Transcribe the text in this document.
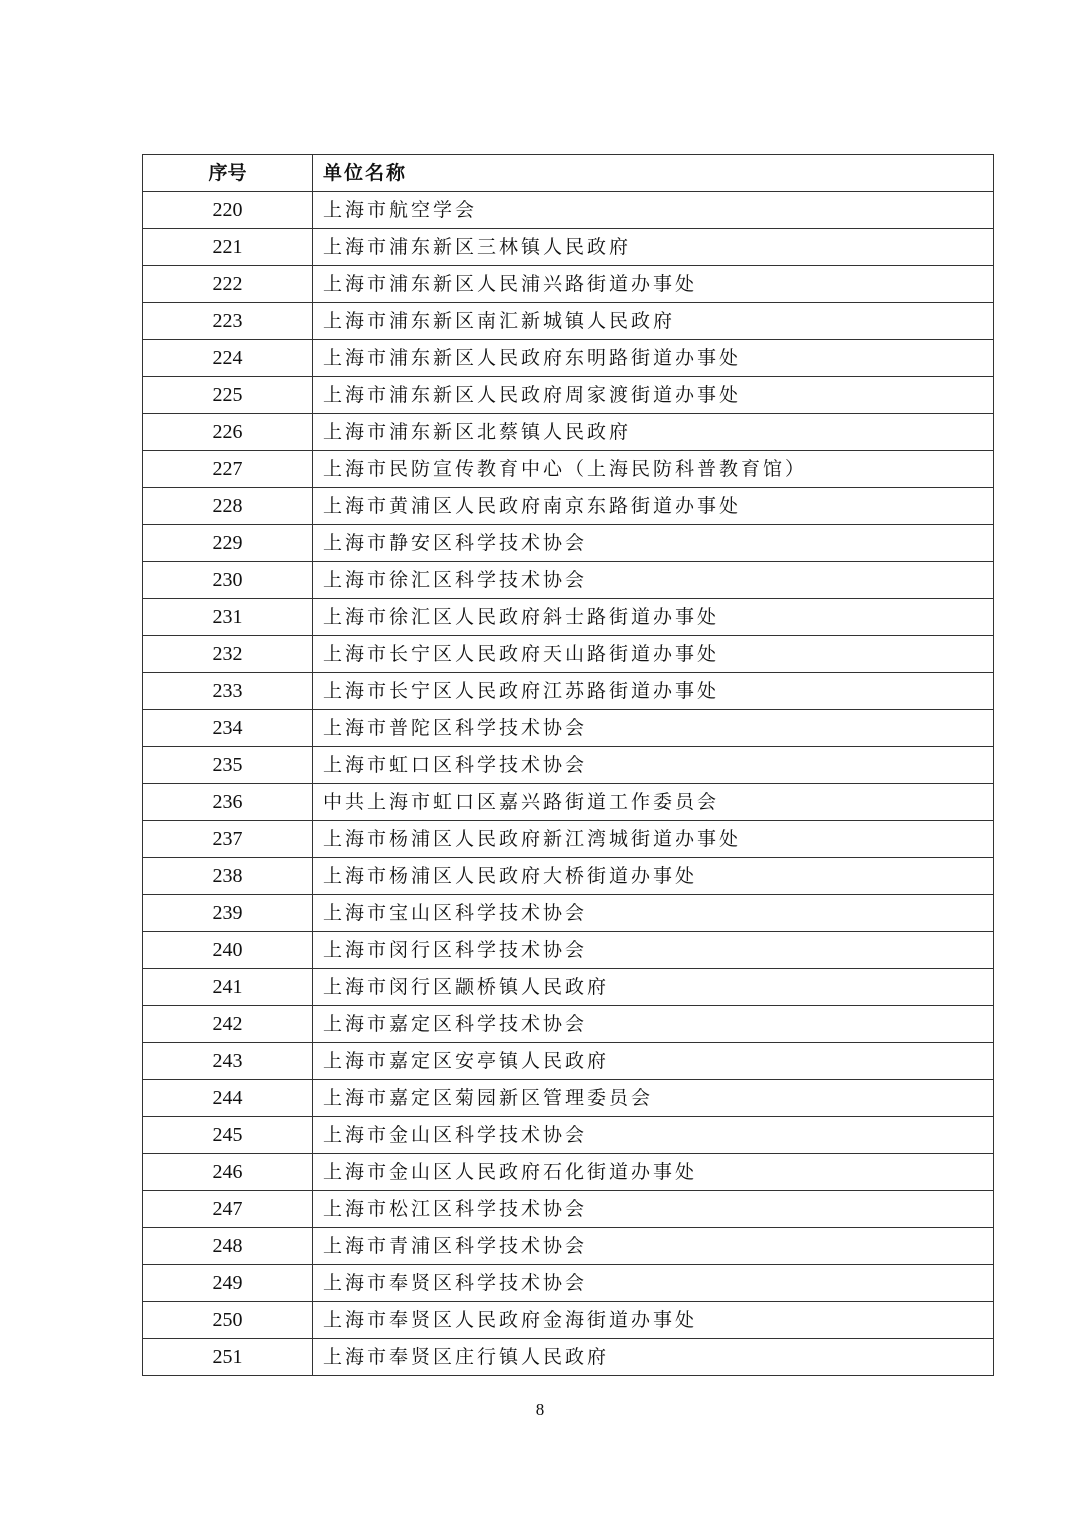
序号	单位名称
220	上海市航空学会
221	上海市浦东新区三林镇人民政府
222	上海市浦东新区人民浦兴路街道办事处
223	上海市浦东新区南汇新城镇人民政府
224	上海市浦东新区人民政府东明路街道办事处
225	上海市浦东新区人民政府周家渡街道办事处
226	上海市浦东新区北蔡镇人民政府
227	上海市民防宣传教育中心（上海民防科普教育馆）
228	上海市黄浦区人民政府南京东路街道办事处
229	上海市静安区科学技术协会
230	上海市徐汇区科学技术协会
231	上海市徐汇区人民政府斜士路街道办事处
232	上海市长宁区人民政府天山路街道办事处
233	上海市长宁区人民政府江苏路街道办事处
234	上海市普陀区科学技术协会
235	上海市虹口区科学技术协会
236	中共上海市虹口区嘉兴路街道工作委员会
237	上海市杨浦区人民政府新江湾城街道办事处
238	上海市杨浦区人民政府大桥街道办事处
239	上海市宝山区科学技术协会
240	上海市闵行区科学技术协会
241	上海市闵行区颛桥镇人民政府
242	上海市嘉定区科学技术协会
243	上海市嘉定区安亭镇人民政府
244	上海市嘉定区菊园新区管理委员会
245	上海市金山区科学技术协会
246	上海市金山区人民政府石化街道办事处
247	上海市松江区科学技术协会
248	上海市青浦区科学技术协会
249	上海市奉贤区科学技术协会
250	上海市奉贤区人民政府金海街道办事处
251	上海市奉贤区庄行镇人民政府
8
